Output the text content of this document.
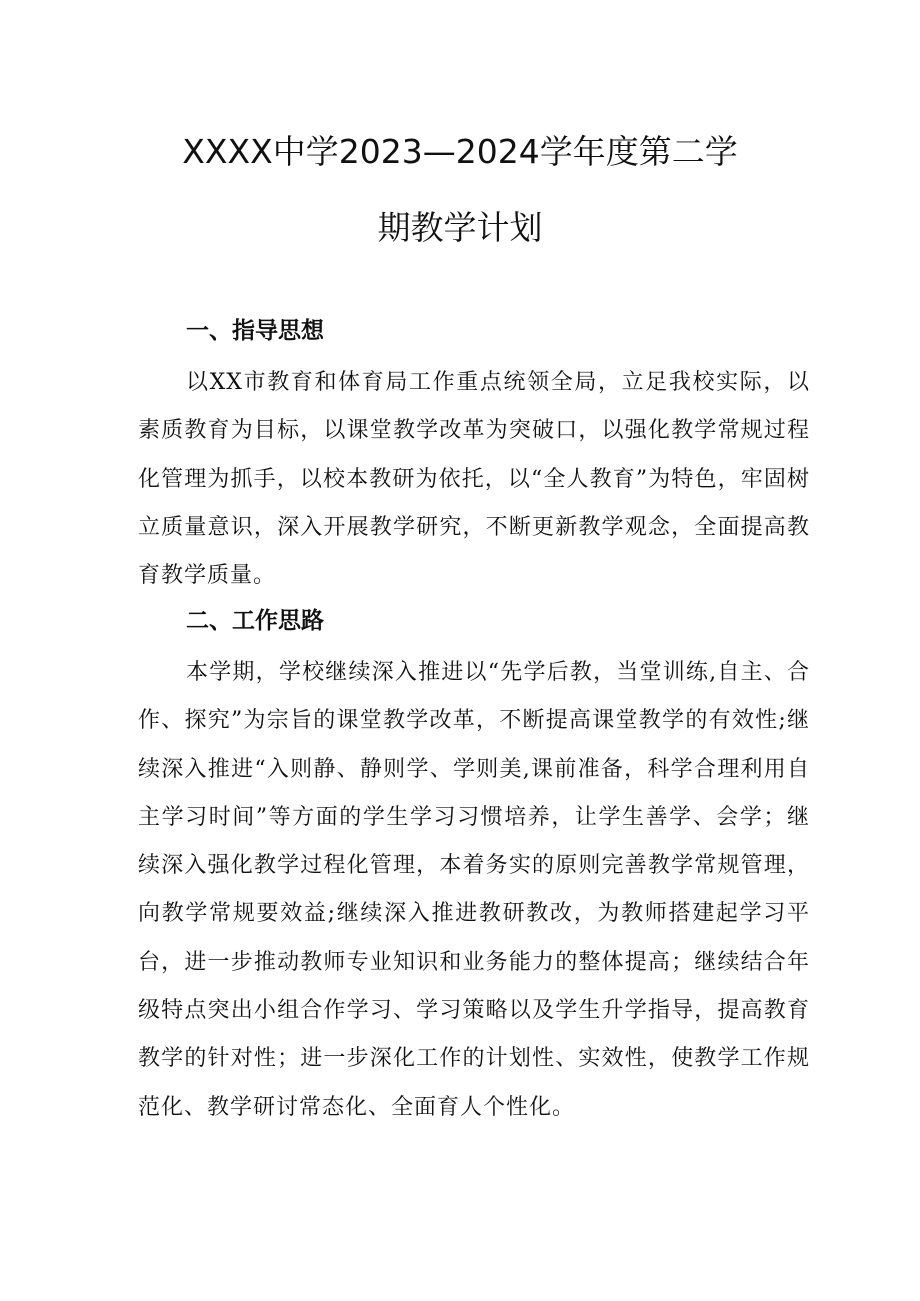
XXXX中学2023—2024学年度第二学
期教学计划
一、指导思想
以XX市教育和体育局工作重点统领全局，立足我校实际，以素质教育为目标，以课堂教学改革为突破口，以强化教学常规过程化管理为抓手，以校本教研为依托，以“全人教育”为特色，牢固树立质量意识，深入开展教学研究，不断更新教学观念，全面提高教育教学质量。
二、工作思路
本学期，学校继续深入推进以“先学后教，当堂训练,自主、合作、探究”为宗旨的课堂教学改革，不断提高课堂教学的有效性;继续深入推进“入则静、静则学、学则美,课前准备，科学合理利用自主学习时间”等方面的学生学习习惯培养，让学生善学、会学；继续深入强化教学过程化管理，本着务实的原则完善教学常规管理，向教学常规要效益;继续深入推进教研教改，为教师搭建起学习平台，进一步推动教师专业知识和业务能力的整体提高；继续结合年级特点突出小组合作学习、学习策略以及学生升学指导，提高教育教学的针对性；进一步深化工作的计划性、实效性，使教学工作规范化、教学研讨常态化、全面育人个性化。
